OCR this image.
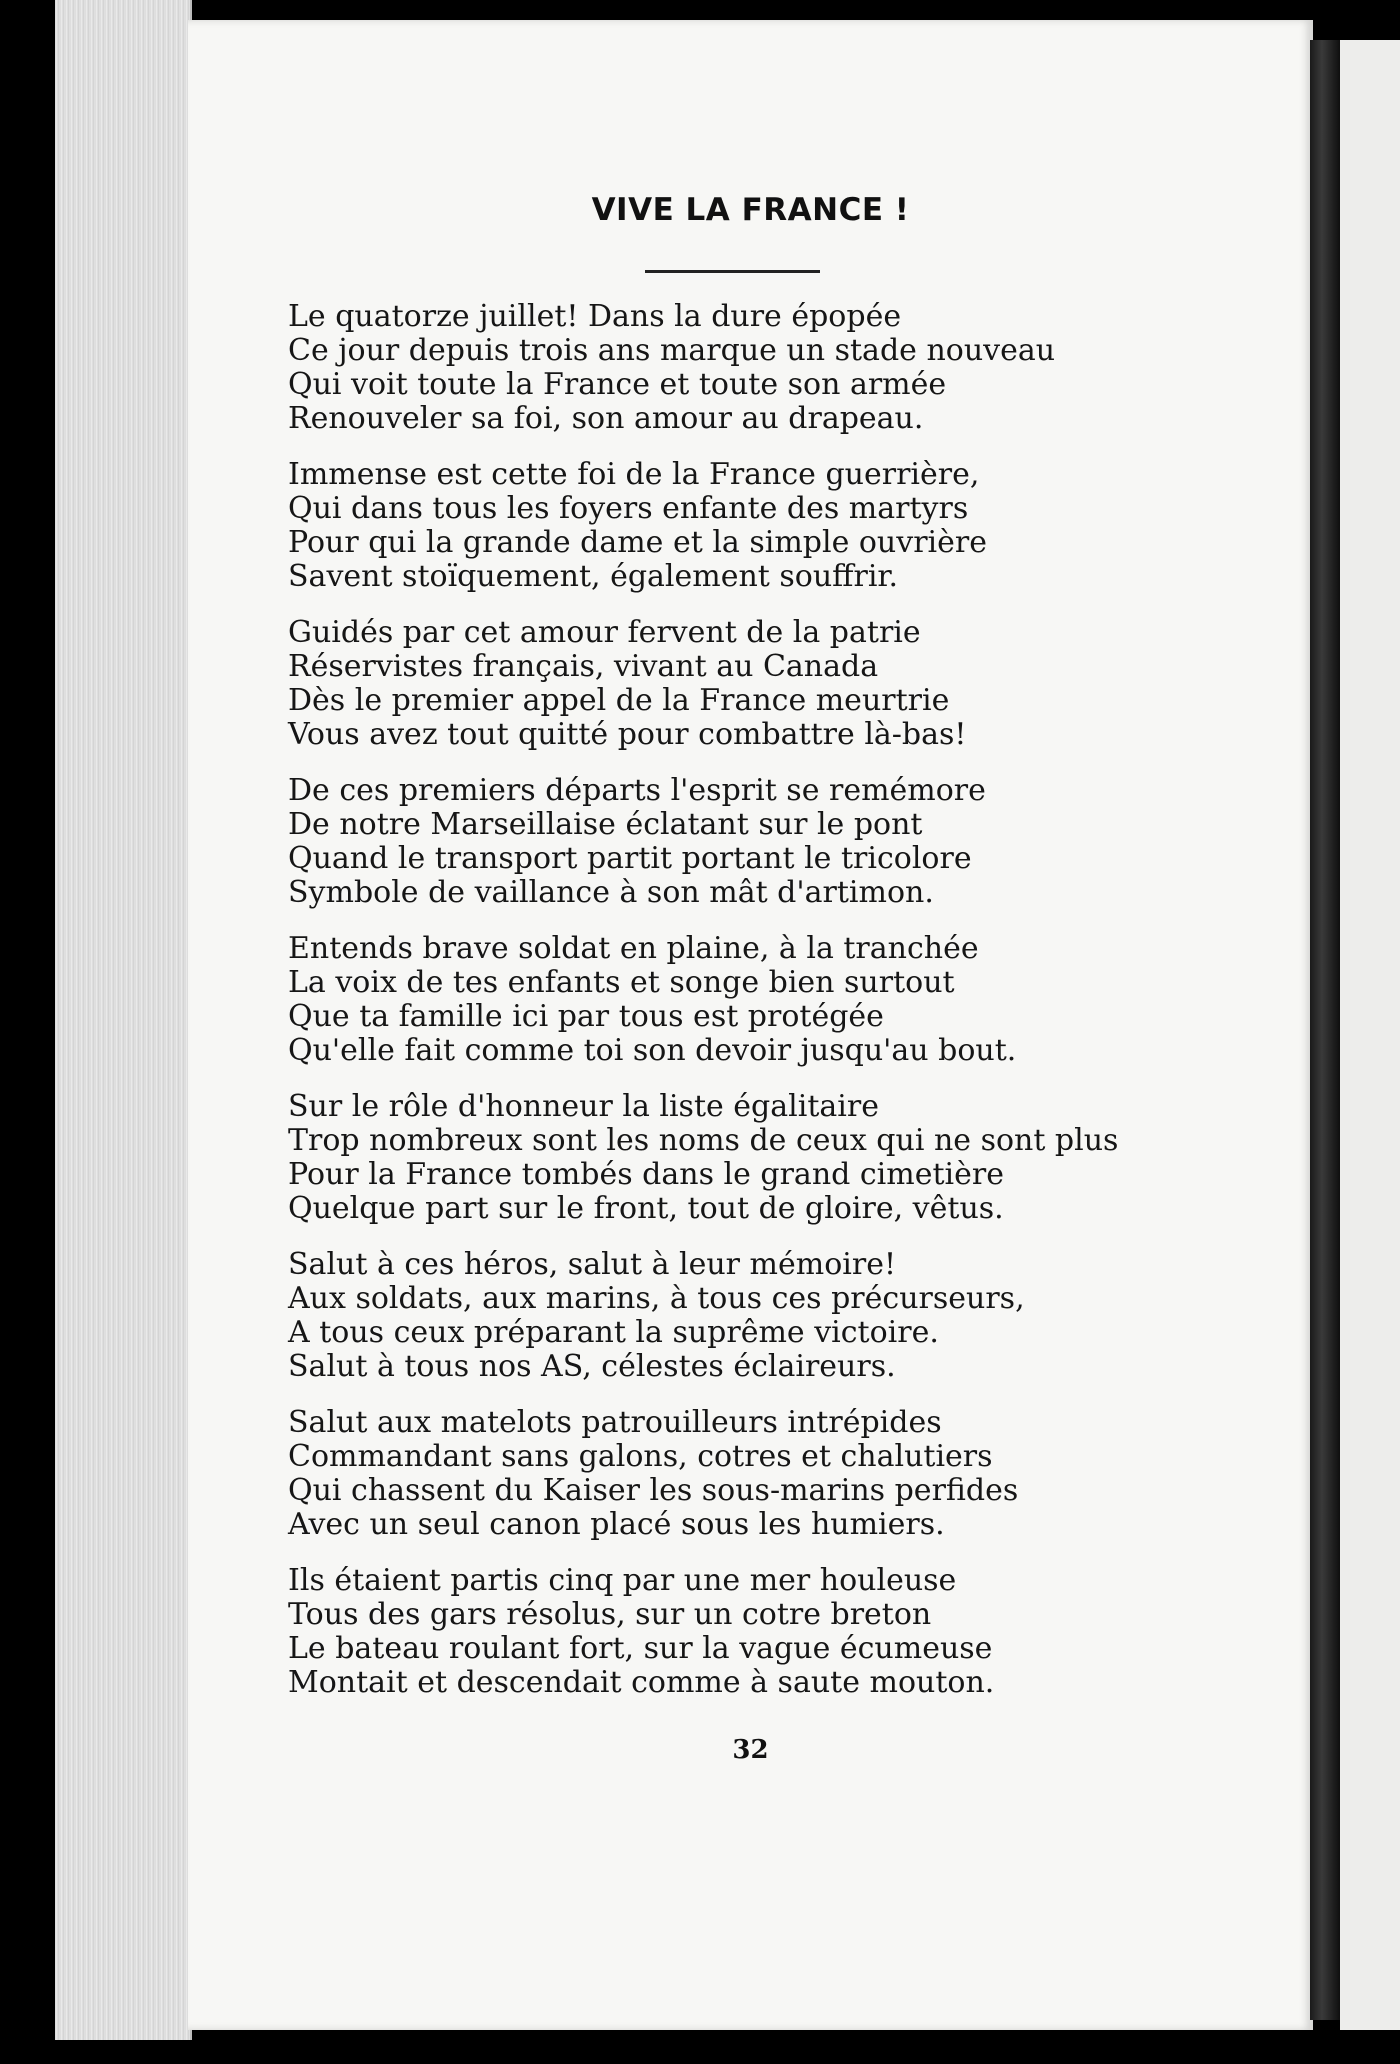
VIVE LA FRANCE !
Le quatorze juillet! Dans la dure épopée
Ce jour depuis trois ans marque un stade nouveau
Qui voit toute la France et toute son armée
Renouveler sa foi, son amour au drapeau.
Immense est cette foi de la France guerrière,
Qui dans tous les foyers enfante des martyrs
Pour qui la grande dame et la simple ouvrière
Savent stoïquement, également souffrir.
Guidés par cet amour fervent de la patrie
Réservistes français, vivant au Canada
Dès le premier appel de la France meurtrie
Vous avez tout quitté pour combattre là-bas!
De ces premiers départs l'esprit se remémore
De notre Marseillaise éclatant sur le pont
Quand le transport partit portant le tricolore
Symbole de vaillance à son mât d'artimon.
Entends brave soldat en plaine, à la tranchée
La voix de tes enfants et songe bien surtout
Que ta famille ici par tous est protégée
Qu'elle fait comme toi son devoir jusqu'au bout.
Sur le rôle d'honneur la liste égalitaire
Trop nombreux sont les noms de ceux qui ne sont plus
Pour la France tombés dans le grand cimetière
Quelque part sur le front, tout de gloire, vêtus.
Salut à ces héros, salut à leur mémoire!
Aux soldats, aux marins, à tous ces précurseurs,
A tous ceux préparant la suprême victoire.
Salut à tous nos AS, célestes éclaireurs.
Salut aux matelots patrouilleurs intrépides
Commandant sans galons, cotres et chalutiers
Qui chassent du Kaiser les sous-marins perfides
Avec un seul canon placé sous les humiers.
Ils étaient partis cinq par une mer houleuse
Tous des gars résolus, sur un cotre breton
Le bateau roulant fort, sur la vague écumeuse
Montait et descendait comme à saute mouton.
32
